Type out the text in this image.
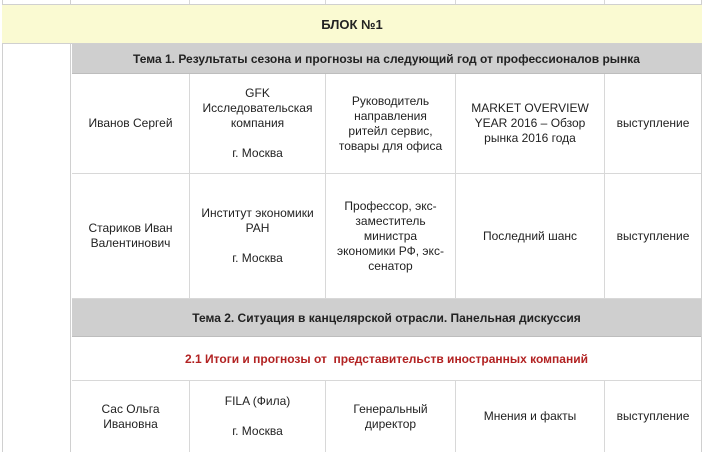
БЛОК №1
Тема 1. Результаты сезона и прогнозы на следующий год от профессионалов рынка
Иванов Сергей
GFK Исследовательская компания
г. Москва
Руководитель направления ритейл сервис, товары для офиса
MARKET OVERVIEW YEAR 2016 – Обзор рынка 2016 года
выступление
Стариков Иван Валентинович
Институт экономики РАН
г. Москва
Профессор, экс-заместитель министра экономики РФ, экс-сенатор
Последний шанс	выступление
Тема 2. Ситуация в канцелярской отрасли. Панельная дискуссия
2.1 Итоги и прогнозы от  представительств иностранных компаний
Сас Ольга Ивановна
FILA (Фила)
г. Москва
Генеральный директор
Мнения и факты	выступление
